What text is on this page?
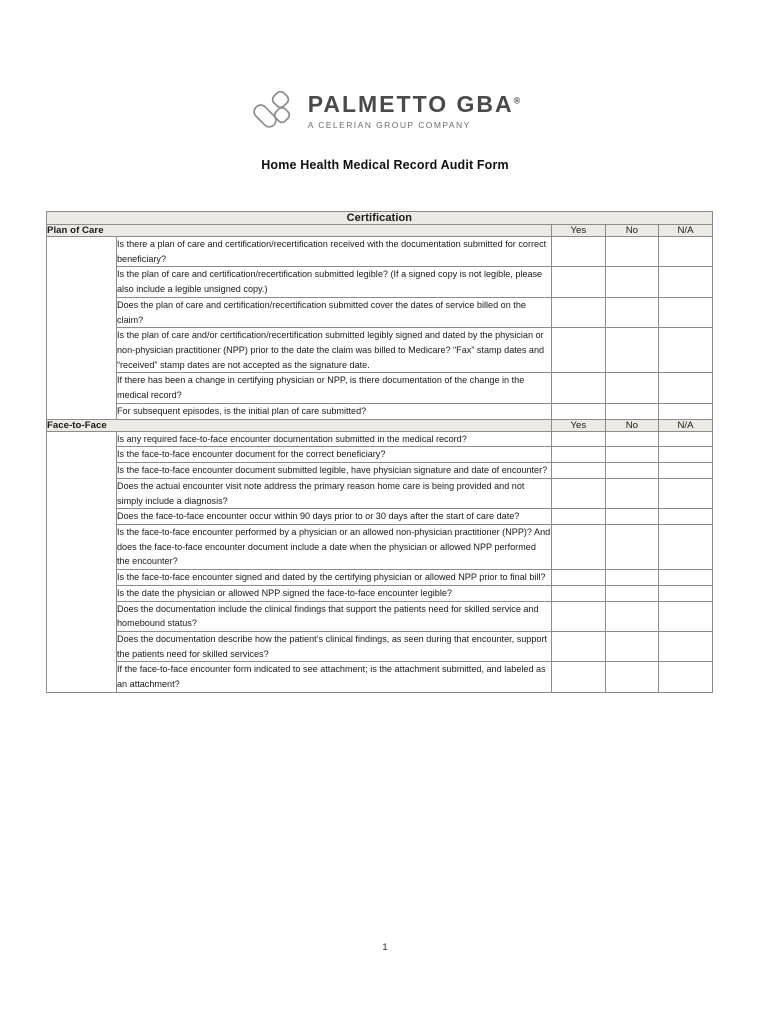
PALMETTO GBA®
A CELERIAN GROUP COMPANY
Home Health Medical Record Audit Form
Certification				
Plan of Care		Yes	No	N/A
	Is there a plan of care and certification/recertification received with the documentation submitted for correct beneficiary?			
	Is the plan of care and certification/recertification submitted legible? (If a signed copy is not legible, please also include a legible unsigned copy.)			
	Does the plan of care and certification/recertification submitted cover the dates of service billed on the claim?			
	Is the plan of care and/or certification/recertification submitted legibly signed and dated by the physician or non-physician practitioner (NPP) prior to the date the claim was billed to Medicare? “Fax” stamp dates and “received” stamp dates are not accepted as the signature date.			
	If there has been a change in certifying physician or NPP, is there documentation of the change in the medical record?			
	For subsequent episodes, is the initial plan of care submitted?			
Face-to-Face		Yes	No	N/A
	Is any required face-to-face encounter documentation submitted in the medical record?			
	Is the face-to-face encounter document for the correct beneficiary?			
	Is the face-to-face encounter document submitted legible, have physician signature and date of encounter?			
	Does the actual encounter visit note address the primary reason home care is being provided and not simply include a diagnosis?			
	Does the face-to-face encounter occur within 90 days prior to or 30 days after the start of care date?			
	Is the face-to-face encounter performed by a physician or an allowed non-physician practitioner (NPP)? And does the face-to-face encounter document include a date when the physician or allowed NPP performed the encounter?			
	Is the face-to-face encounter signed and dated by the certifying physician or allowed NPP prior to final bill?			
	Is the date the physician or allowed NPP signed the face-to-face encounter legible?			
	Does the documentation include the clinical findings that support the patients need for skilled service and homebound status?			
	Does the documentation describe how the patient’s clinical findings, as seen during that encounter, support the patients need for skilled services?			
	If the face-to-face encounter form indicated to see attachment; is the attachment submitted, and labeled as an attachment?			
1
